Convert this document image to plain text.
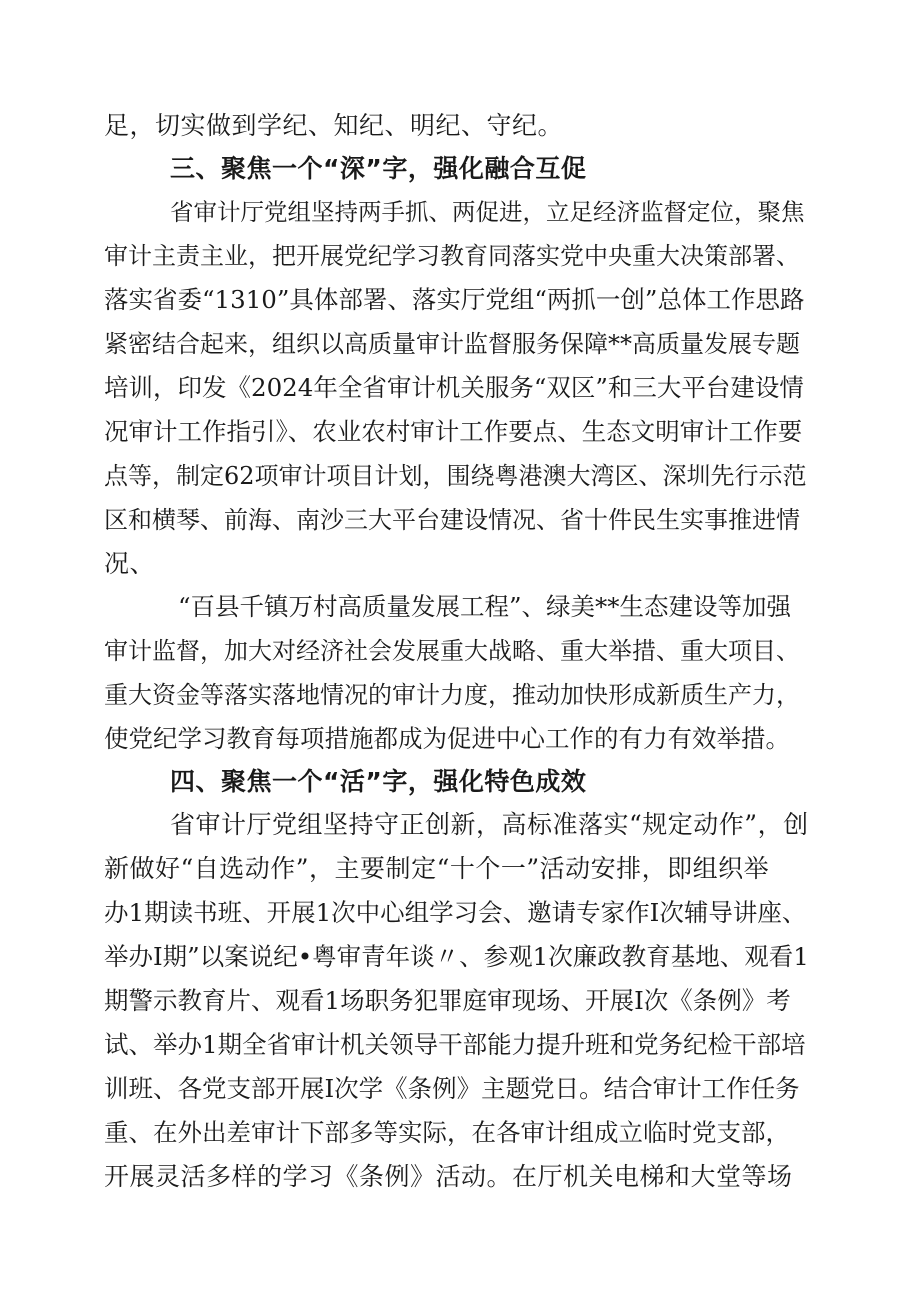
足，切实做到学纪、知纪、明纪、守纪。
三、聚焦一个“深”字，强化融合互促
省审计厅党组坚持两手抓、两促进，立足经济监督定位，聚焦
审计主责主业，把开展党纪学习教育同落实党中央重大决策部署、
落实省委“1310”具体部署、落实厅党组“两抓一创”总体工作思路
紧密结合起来，组织以高质量审计监督服务保障**高质量发展专题
培训，印发《2024年全省审计机关服务“双区”和三大平台建设情
况审计工作指引》、农业农村审计工作要点、生态文明审计工作要
点等，制定62项审计项目计划，围绕粤港澳大湾区、深圳先行示范
区和横琴、前海、南沙三大平台建设情况、省十件民生实事推进情
况、
“百县千镇万村高质量发展工程”、绿美**生态建设等加强
审计监督，加大对经济社会发展重大战略、重大举措、重大项目、
重大资金等落实落地情况的审计力度，推动加快形成新质生产力，
使党纪学习教育每项措施都成为促进中心工作的有力有效举措。
四、聚焦一个“活”字，强化特色成效
省审计厅党组坚持守正创新，高标准落实“规定动作”，创
新做好“自选动作”，主要制定“十个一”活动安排，即组织举
办1期读书班、开展1次中心组学习会、邀请专家作I次辅导讲座、
举办I期”以案说纪•粤审青年谈〃、参观1次廉政教育基地、观看1
期警示教育片、观看1场职务犯罪庭审现场、开展I次《条例》考
试、举办1期全省审计机关领导干部能力提升班和党务纪检干部培
训班、各党支部开展I次学《条例》主题党日。结合审计工作任务
重、在外出差审计下部多等实际，在各审计组成立临时党支部，
开展灵活多样的学习《条例》活动。在厅机关电梯和大堂等场
